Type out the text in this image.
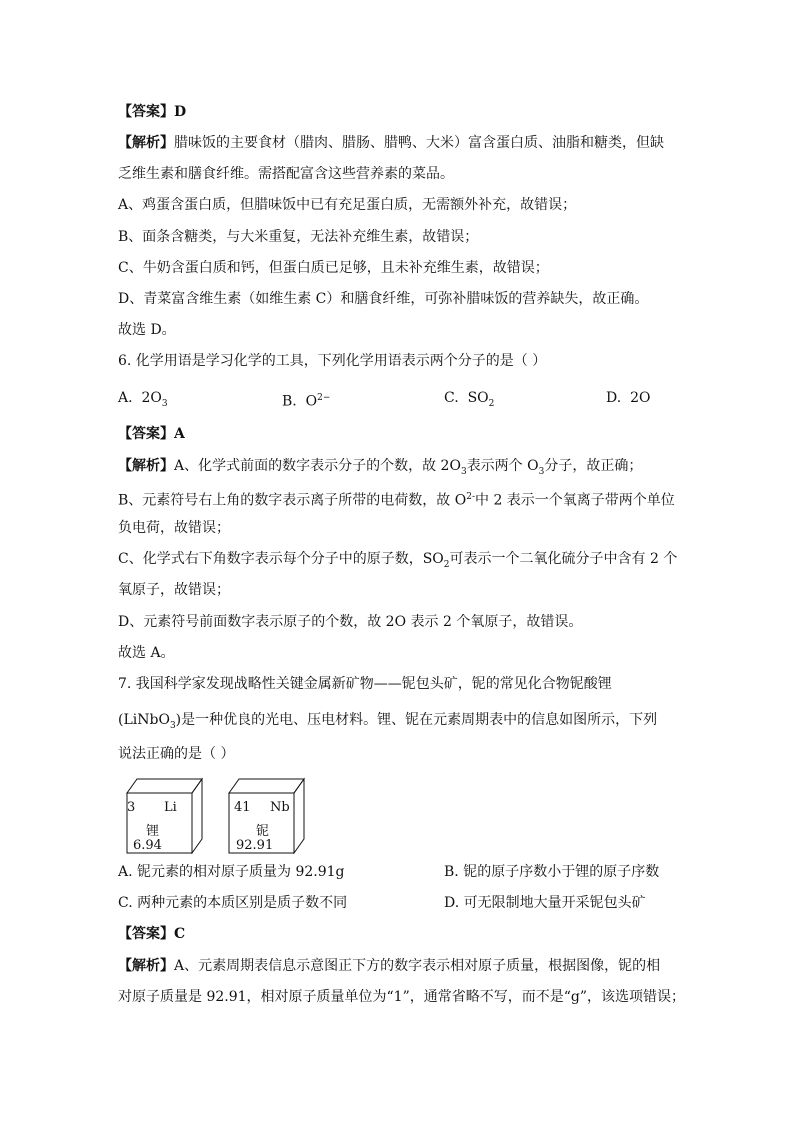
【答案】D
【解析】腊味饭的主要食材（腊肉、腊肠、腊鸭、大米）富含蛋白质、油脂和糖类，但缺
乏维生素和膳食纤维。需搭配富含这些营养素的菜品。
A、鸡蛋含蛋白质，但腊味饭中已有充足蛋白质，无需额外补充，故错误；
B、面条含糖类，与大米重复，无法补充维生素，故错误；
C、牛奶含蛋白质和钙，但蛋白质已足够，且未补充维生素，故错误；
D、青菜富含维生素（如维生素 C）和膳食纤维，可弥补腊味饭的营养缺失，故正确。
故选 D。
6. 化学用语是学习化学的工具，下列化学用语表示两个分子的是（ ）
A. $2O_3$	B. $O^{2-}$	C. $SO_2$	D. 2O
【答案】A
【解析】A、化学式前面的数字表示分子的个数，故 $2O_3$表示两个 $O_3$分子，故正确；
B、元素符号右上角的数字表示离子所带的电荷数，故 $O^{2-}$中 2 表示一个氧离子带两个单位
负电荷，故错误；
C、化学式右下角数字表示每个分子中的原子数，$SO_2$可表示一个二氧化硫分子中含有 2 个
氧原子，故错误；
D、元素符号前面数字表示原子的个数，故 2O 表示 2 个氧原子，故错误。
故选 A。
7. 我国科学家发现战略性关键金属新矿物——铌包头矿，铌的常见化合物铌酸锂
(LiNbO$_3$)是一种优良的光电、压电材料。锂、铌在元素周期表中的信息如图所示，下列
说法正确的是（ ）
3 Li
锂
6.94
41 Nb
铌
92.91
A. 铌元素的相对原子质量为 92.91g	B. 铌的原子序数小于锂的原子序数
C. 两种元素的本质区别是质子数不同	D. 可无限制地大量开采铌包头矿
【答案】C
【解析】A、元素周期表信息示意图正下方的数字表示相对原子质量，根据图像，铌的相
对原子质量是 92.91，相对原子质量单位为“1”，通常省略不写，而不是“g”，该选项错误；
